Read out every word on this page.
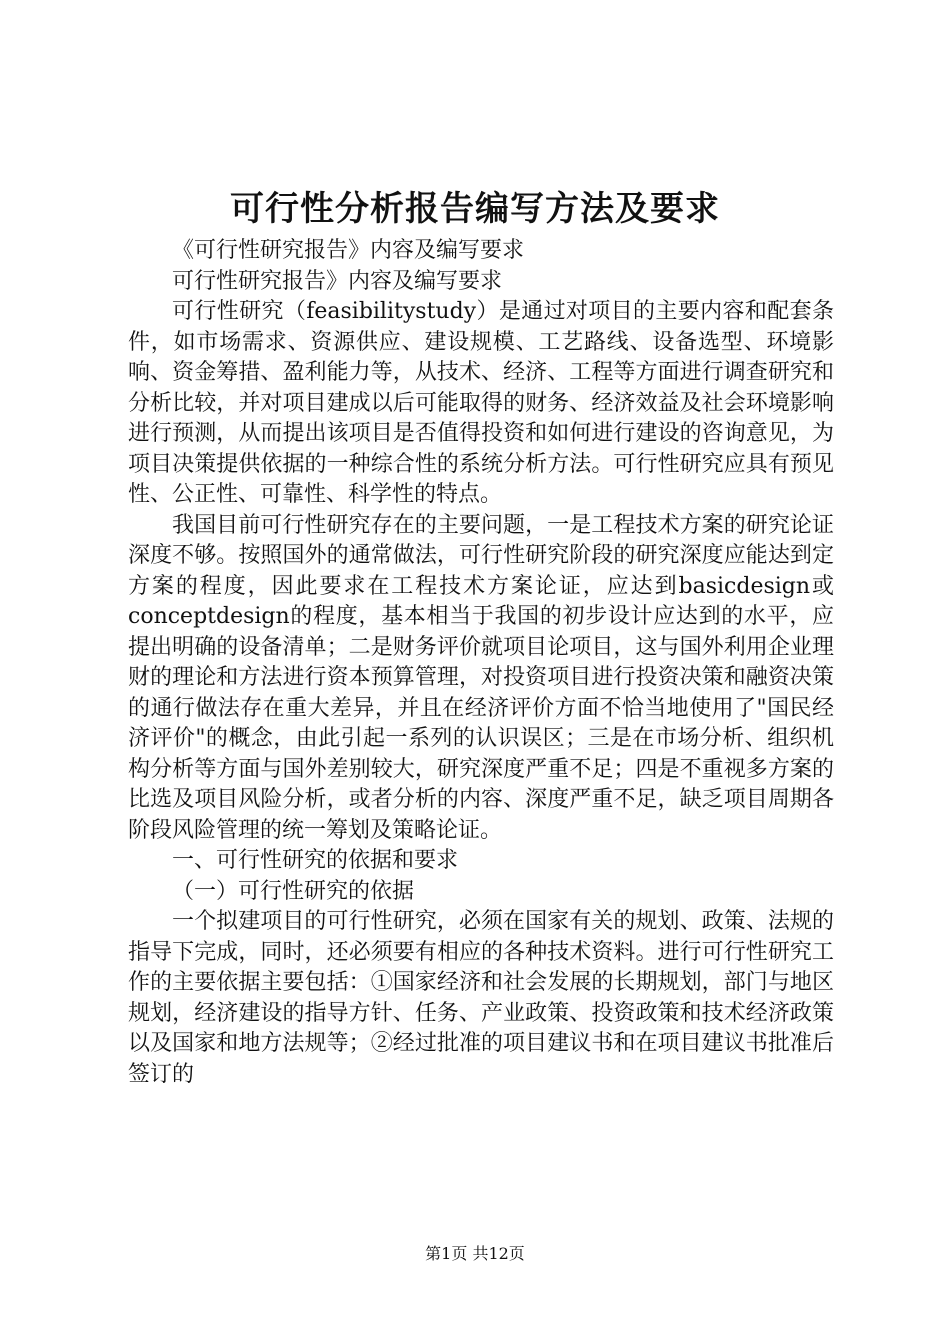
可行性分析报告编写方法及要求

《可行性研究报告》内容及编写要求

可行性研究报告》内容及编写要求

可行性研究（feasibilitystudy）是通过对项目的主要内容和配套条件，如市场需求、资源供应、建设规模、工艺路线、设备选型、环境影响、资金筹措、盈利能力等，从技术、经济、工程等方面进行调查研究和分析比较，并对项目建成以后可能取得的财务、经济效益及社会环境影响进行预测，从而提出该项目是否值得投资和如何进行建设的咨询意见，为项目决策提供依据的一种综合性的系统分析方法。可行性研究应具有预见性、公正性、可靠性、科学性的特点。

我国目前可行性研究存在的主要问题，一是工程技术方案的研究论证深度不够。按照国外的通常做法，可行性研究阶段的研究深度应能达到定方案的程度，因此要求在工程技术方案论证，应达到basicdesign或conceptdesign的程度，基本相当于我国的初步设计应达到的水平，应提出明确的设备清单；二是财务评价就项目论项目，这与国外利用企业理财的理论和方法进行资本预算管理，对投资项目进行投资决策和融资决策的通行做法存在重大差异，并且在经济评价方面不恰当地使用了"国民经济评价"的概念，由此引起一系列的认识误区；三是在市场分析、组织机构分析等方面与国外差别较大，研究深度严重不足；四是不重视多方案的比选及项目风险分析，或者分析的内容、深度严重不足，缺乏项目周期各阶段风险管理的统一筹划及策略论证。

一、可行性研究的依据和要求

（一）可行性研究的依据

一个拟建项目的可行性研究，必须在国家有关的规划、政策、法规的指导下完成，同时，还必须要有相应的各种技术资料。进行可行性研究工作的主要依据主要包括：①国家经济和社会发展的长期规划，部门与地区规划，经济建设的指导方针、任务、产业政策、投资政策和技术经济政策以及国家和地方法规等；②经过批准的项目建议书和在项目建议书批准后签订的

第1页 共12页
